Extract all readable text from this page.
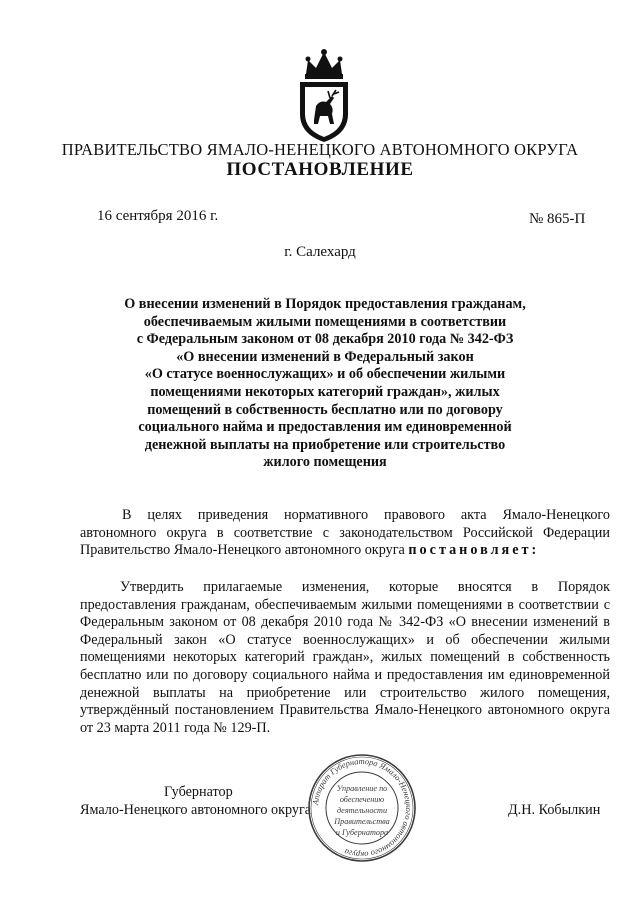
ПРАВИТЕЛЬСТВО ЯМАЛО-НЕНЕЦКОГО АВТОНОМНОГО ОКРУГА
ПОСТАНОВЛЕНИЕ
16 сентября 2016 г.	№ 865-П
г. Салехард
О внесении изменений в Порядок предоставления гражданам,
обеспечиваемым жилыми помещениями в соответствии
с Федеральным законом от 08 декабря 2010 года № 342-ФЗ
«О внесении изменений в Федеральный закон
«О статусе военнослужащих» и об обеспечении жилыми
помещениями некоторых категорий граждан», жилых
помещений в собственность бесплатно или по договору
социального найма и предоставления им единовременной
денежной выплаты на приобретение или строительство
жилого помещения
В целях приведения нормативного правового акта Ямало-Ненецкого автономного округа в соответствие с законодательством Российской Федерации Правительство Ямало-Ненецкого автономного округа постановляет:
Утвердить прилагаемые изменения, которые вносятся в Порядок предоставления гражданам, обеспечиваемым жилыми помещениями в соответствии с Федеральным законом от 08 декабря 2010 года № 342-ФЗ «О внесении изменений в Федеральный закон «О статусе военнослужащих» и об обеспечении жилыми помещениями некоторых категорий граждан», жилых помещений в собственность бесплатно или по договору социального найма и предоставления им единовременной денежной выплаты на приобретение или строительство жилого помещения, утверждённый постановлением Правительства Ямало-Ненецкого автономного округа от 23 марта 2011 года № 129-П.
Губернатор
Ямало-Ненецкого автономного округа	Д.Н. Кобылкин
Аппарат Губернатора Ямало-Ненецкого автономного округа
Управление по
обеспечению
деятельности
Правительства
и Губернатора
